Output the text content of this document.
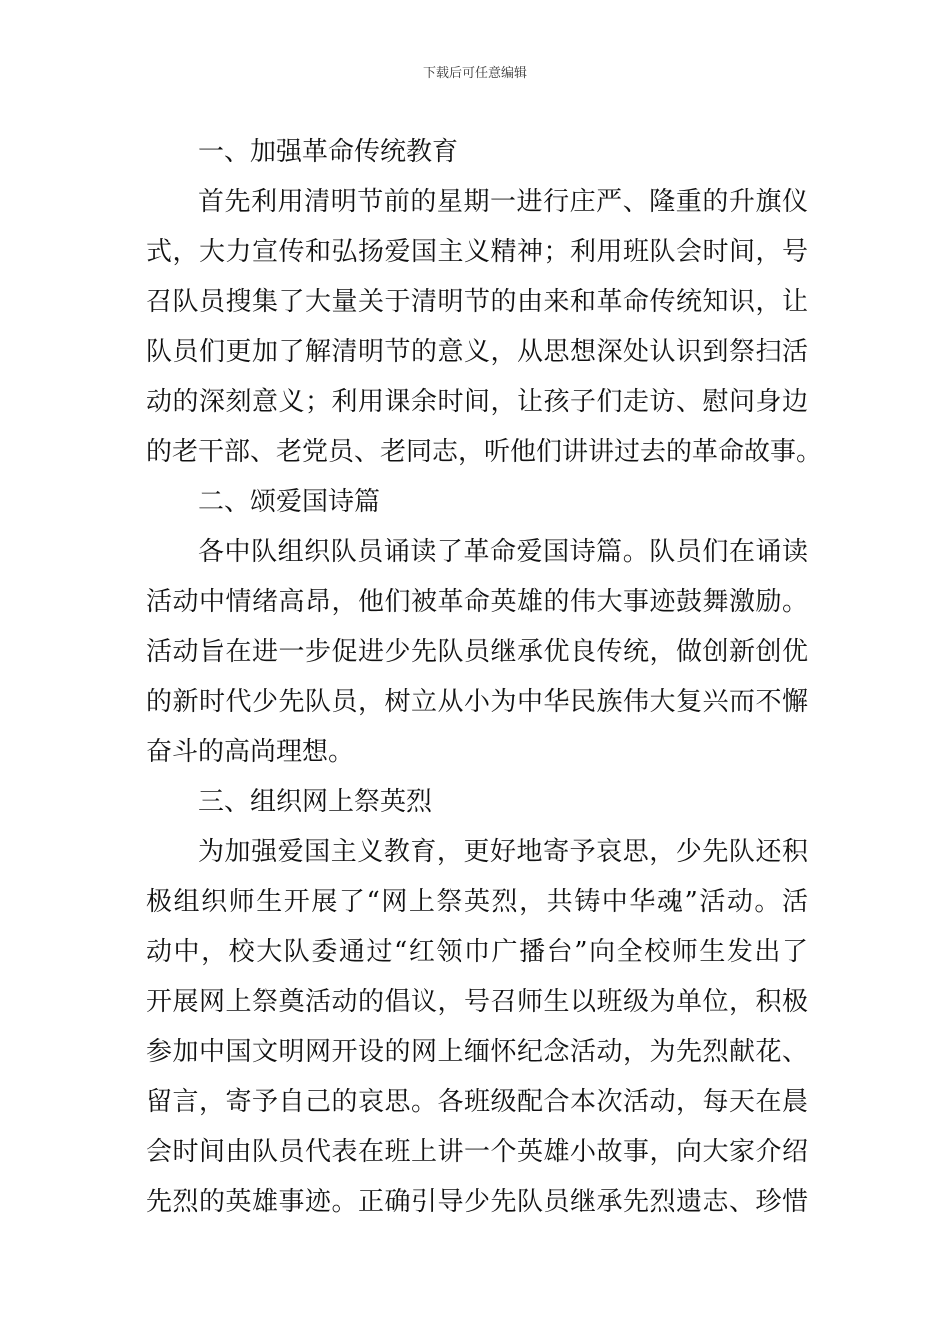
下载后可任意编辑
一、加强革命传统教育
首先利用清明节前的星期一进行庄严、隆重的升旗仪
式，大力宣传和弘扬爱国主义精神；利用班队会时间，号
召队员搜集了大量关于清明节的由来和革命传统知识，让
队员们更加了解清明节的意义，从思想深处认识到祭扫活
动的深刻意义；利用课余时间，让孩子们走访、慰问身边
的老干部、老党员、老同志，听他们讲讲过去的革命故事。
二、颂爱国诗篇
各中队组织队员诵读了革命爱国诗篇。队员们在诵读
活动中情绪高昂，他们被革命英雄的伟大事迹鼓舞激励。
活动旨在进一步促进少先队员继承优良传统，做创新创优
的新时代少先队员，树立从小为中华民族伟大复兴而不懈
奋斗的高尚理想。
三、组织网上祭英烈
为加强爱国主义教育，更好地寄予哀思，少先队还积
极组织师生开展了“网上祭英烈，共铸中华魂”活动。活
动中，校大队委通过“红领巾广播台”向全校师生发出了
开展网上祭奠活动的倡议，号召师生以班级为单位，积极
参加中国文明网开设的网上缅怀纪念活动，为先烈献花、
留言，寄予自己的哀思。各班级配合本次活动，每天在晨
会时间由队员代表在班上讲一个英雄小故事，向大家介绍
先烈的英雄事迹。正确引导少先队员继承先烈遗志、珍惜
